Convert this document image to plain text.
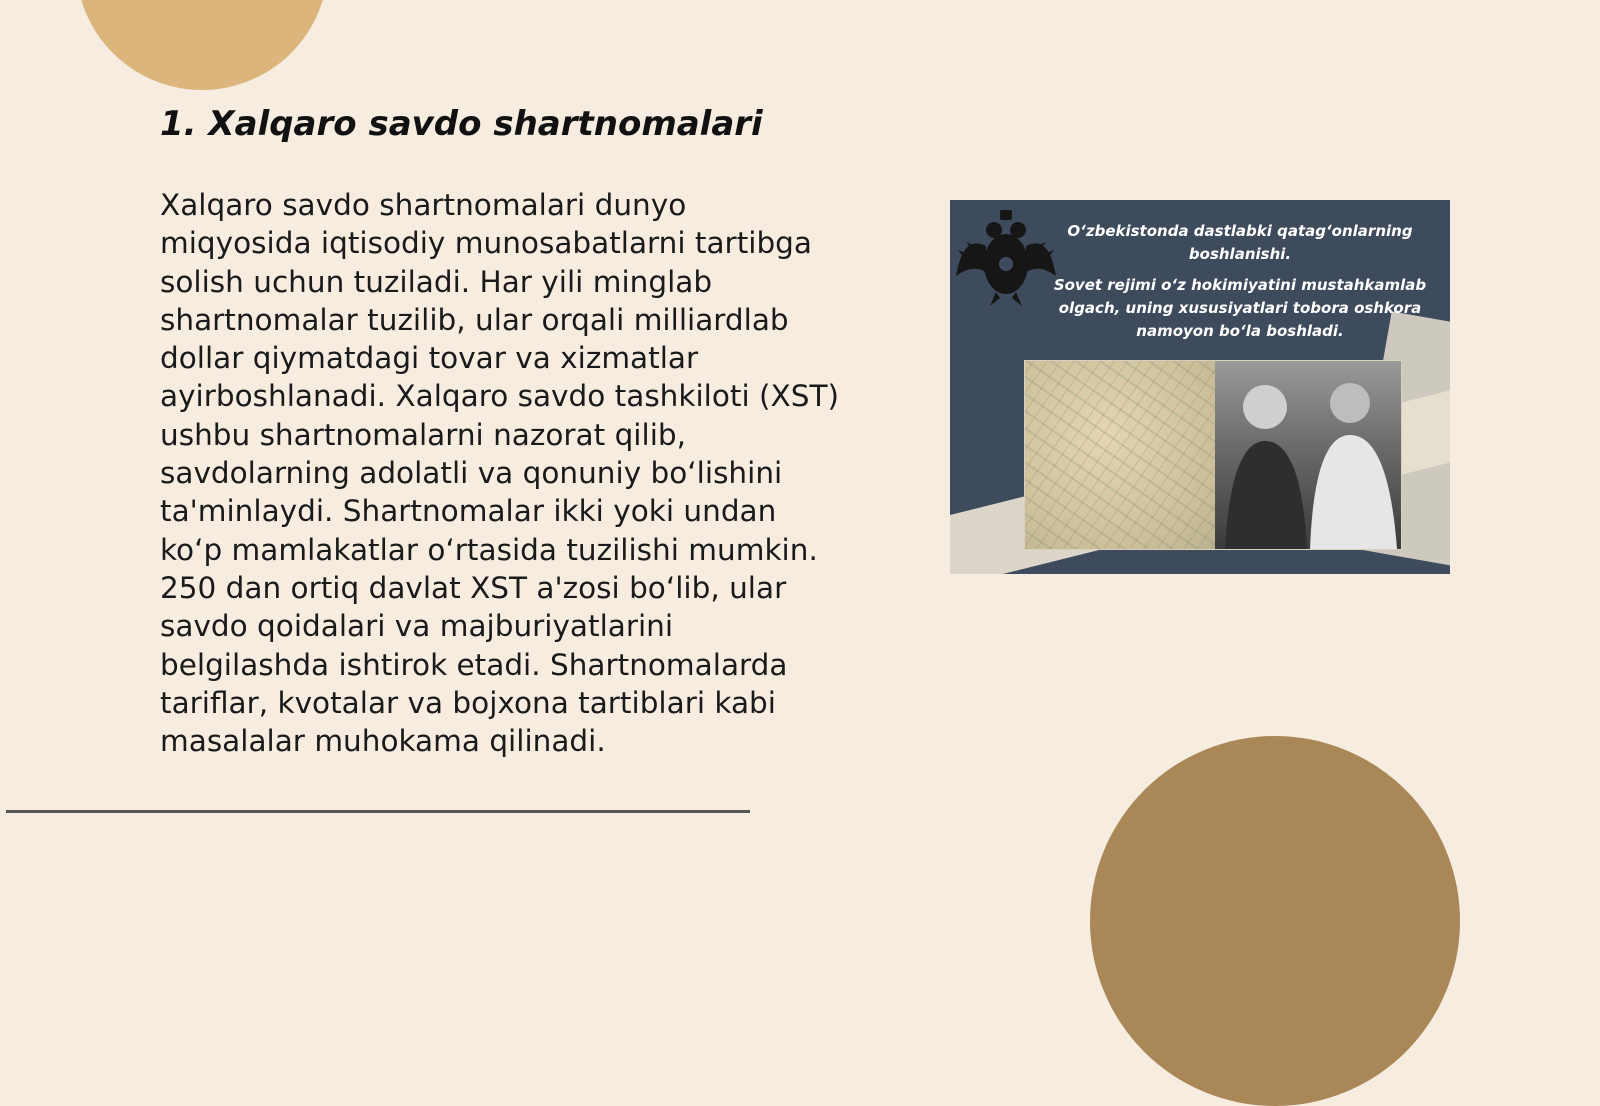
1. Xalqaro savdo shartnomalari
Xalqaro savdo shartnomalari dunyo
miqyosida iqtisodiy munosabatlarni tartibga
solish uchun tuziladi. Har yili minglab
shartnomalar tuzilib, ular orqali milliardlab
dollar qiymatdagi tovar va xizmatlar
ayirboshlanadi. Xalqaro savdo tashkiloti (XST)
ushbu shartnomalarni nazorat qilib,
savdolarning adolatli va qonuniy boʻlishini
ta'minlaydi. Shartnomalar ikki yoki undan
koʻp mamlakatlar oʻrtasida tuzilishi mumkin.
250 dan ortiq davlat XST a'zosi boʻlib, ular
savdo qoidalari va majburiyatlarini
belgilashda ishtirok etadi. Shartnomalarda
tariflar, kvotalar va bojxona tartiblari kabi
masalalar muhokama qilinadi.
Oʻzbekistonda dastlabki qatagʻonlarning
boshlanishi.
Sovet rejimi oʻz hokimiyatini mustahkamlab
olgach, uning xususiyatlari tobora oshkora
namoyon boʻla boshladi.
